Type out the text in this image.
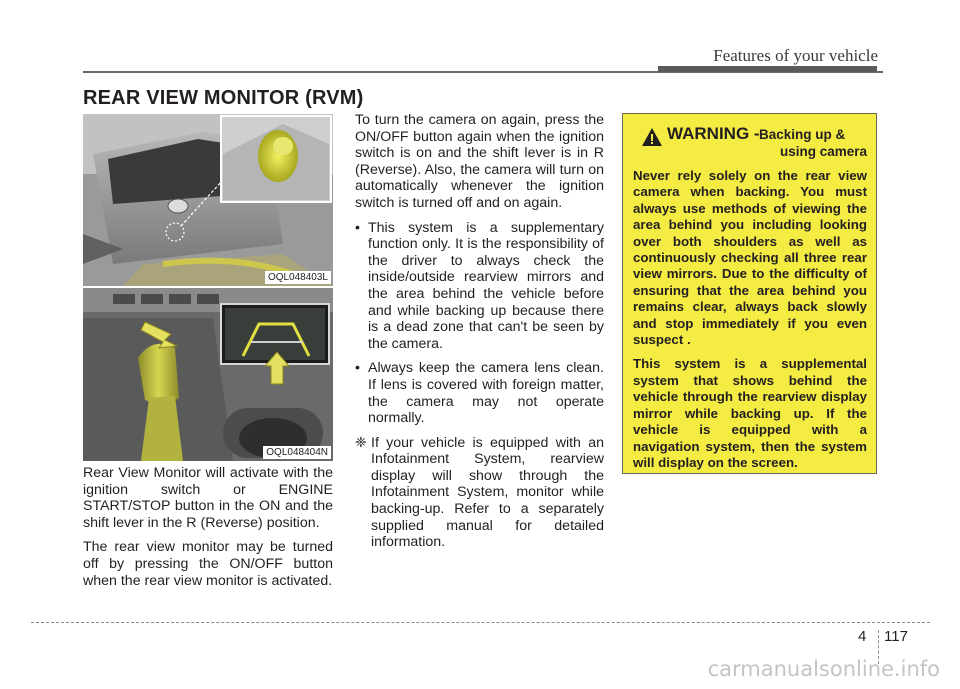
Features of your vehicle
REAR VIEW MONITOR (RVM)
OQL048403L
OQL048404N

Rear View Monitor will activate with the ignition switch or ENGINE START/STOP button in the ON and the shift lever in the R (Reverse) position.

The rear view monitor may be turned off by pressing the ON/OFF button when the rear view monitor is activated.

To turn the camera on again, press the ON/OFF button again when the ignition switch is on and the shift lever is in R (Reverse). Also, the camera will turn on automatically whenever the ignition switch is turned off and on again.

• This system is a supplementary function only. It is the responsibility of the driver to always check the inside/outside rearview mirrors and the area behind the vehicle before and while backing up because there is a dead zone that can't be seen by the camera.
• Always keep the camera lens clean. If lens is covered with foreign matter, the camera may not operate normally.
❈ If your vehicle is equipped with an Infotainment System, rearview display will show through the Infotainment System, monitor while backing-up. Refer to a separately supplied manual for detailed information.
WARNING - Backing up &
using camera

Never rely solely on the rear view camera when backing. You must always use methods of viewing the area behind you including looking over both shoulders as well as continuously checking all three rear view mirrors. Due to the difficulty of ensuring that the area behind you remains clear, always back slowly and stop immediately if you even suspect .

This system is a supplemental system that shows behind the vehicle through the rearview display mirror while backing up. If the vehicle is equipped with a navigation system, then the system will display on the screen.

4 117
carmanualsonline.info
